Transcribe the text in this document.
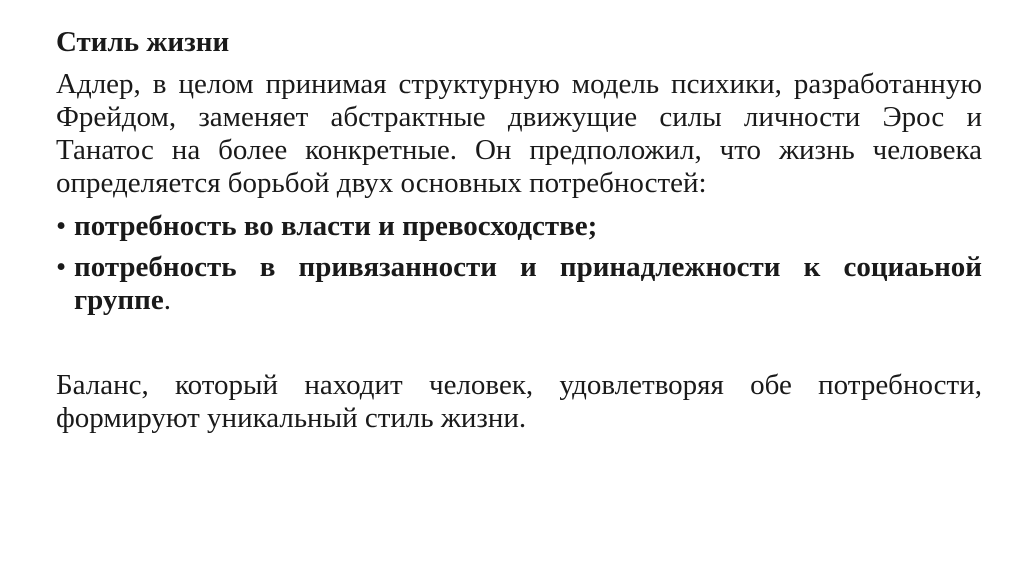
Стиль жизни

Адлер, в целом принимая структурную модель психики, разработанную Фрейдом, заменяет абстрактные движущие силы личности Эрос и Танатос на более конкретные. Он предположил, что жизнь человека определяется борьбой двух основных потребностей:

• потребность во власти и превосходстве;
• потребность в привязанности и принадлежности к социаьной группе.

Баланс, который находит человек, удовлетворяя обе потребности, формируют уникальный стиль жизни.
